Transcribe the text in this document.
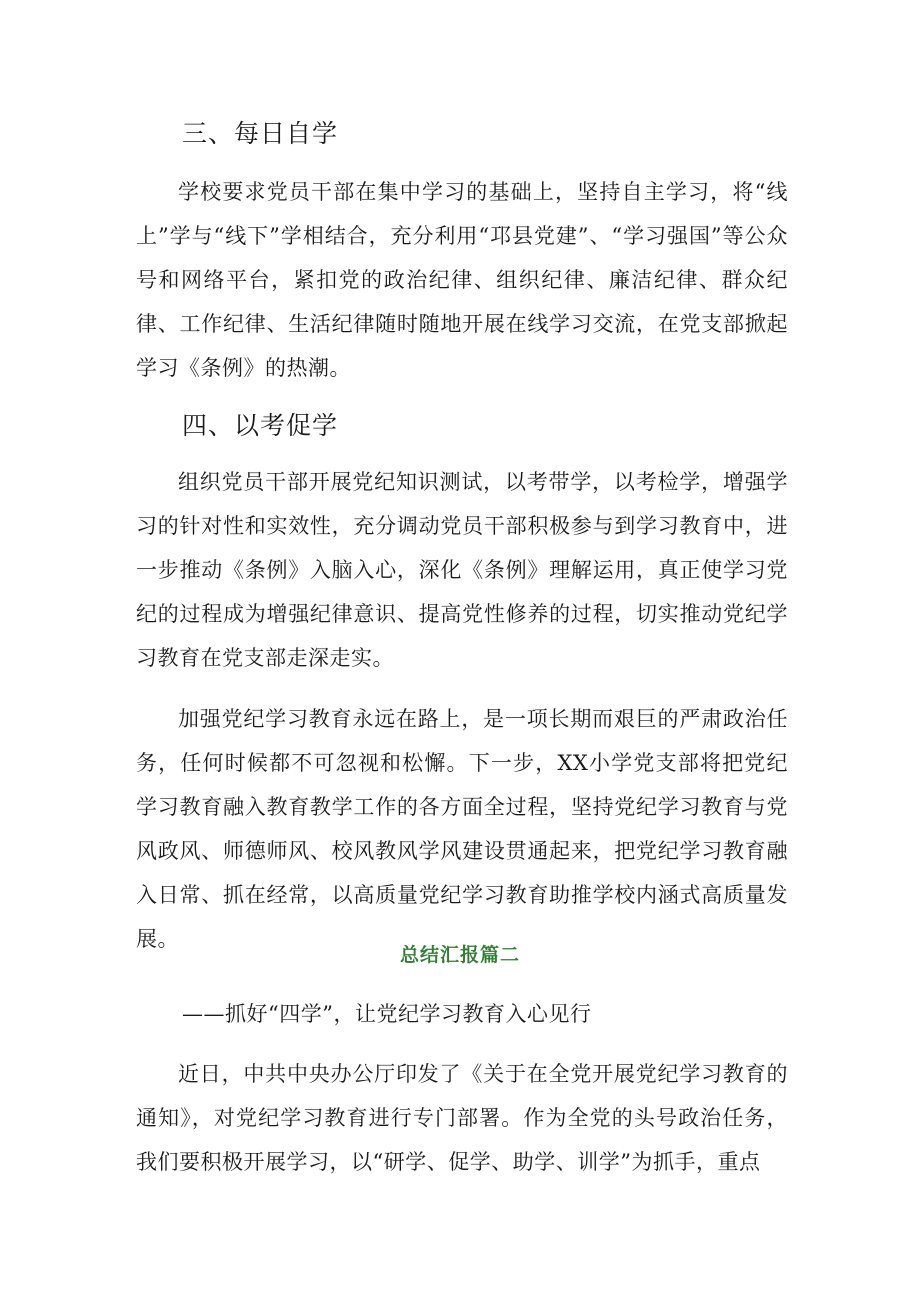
三、每日自学

学校要求党员干部在集中学习的基础上，坚持自主学习，将“线上”学与“线下”学相结合，充分利用“邛县党建”、“学习强国”等公众号和网络平台，紧扣党的政治纪律、组织纪律、廉洁纪律、群众纪律、工作纪律、生活纪律随时随地开展在线学习交流，在党支部掀起学习《条例》的热潮。

四、以考促学

组织党员干部开展党纪知识测试，以考带学，以考检学，增强学习的针对性和实效性，充分调动党员干部积极参与到学习教育中，进一步推动《条例》入脑入心，深化《条例》理解运用，真正使学习党纪的过程成为增强纪律意识、提高党性修养的过程，切实推动党纪学习教育在党支部走深走实。

加强党纪学习教育永远在路上，是一项长期而艰巨的严肃政治任务，任何时候都不可忽视和松懈。下一步，XX小学党支部将把党纪学习教育融入教育教学工作的各方面全过程，坚持党纪学习教育与党风政风、师德师风、校风教风学风建设贯通起来，把党纪学习教育融入日常、抓在经常，以高质量党纪学习教育助推学校内涵式高质量发展。

总结汇报篇二

——抓好“四学”，让党纪学习教育入心见行

近日，中共中央办公厅印发了《关于在全党开展党纪学习教育的通知》，对党纪学习教育进行专门部署。作为全党的头号政治任务，我们要积极开展学习，以“研学、促学、助学、训学”为抓手，重点
